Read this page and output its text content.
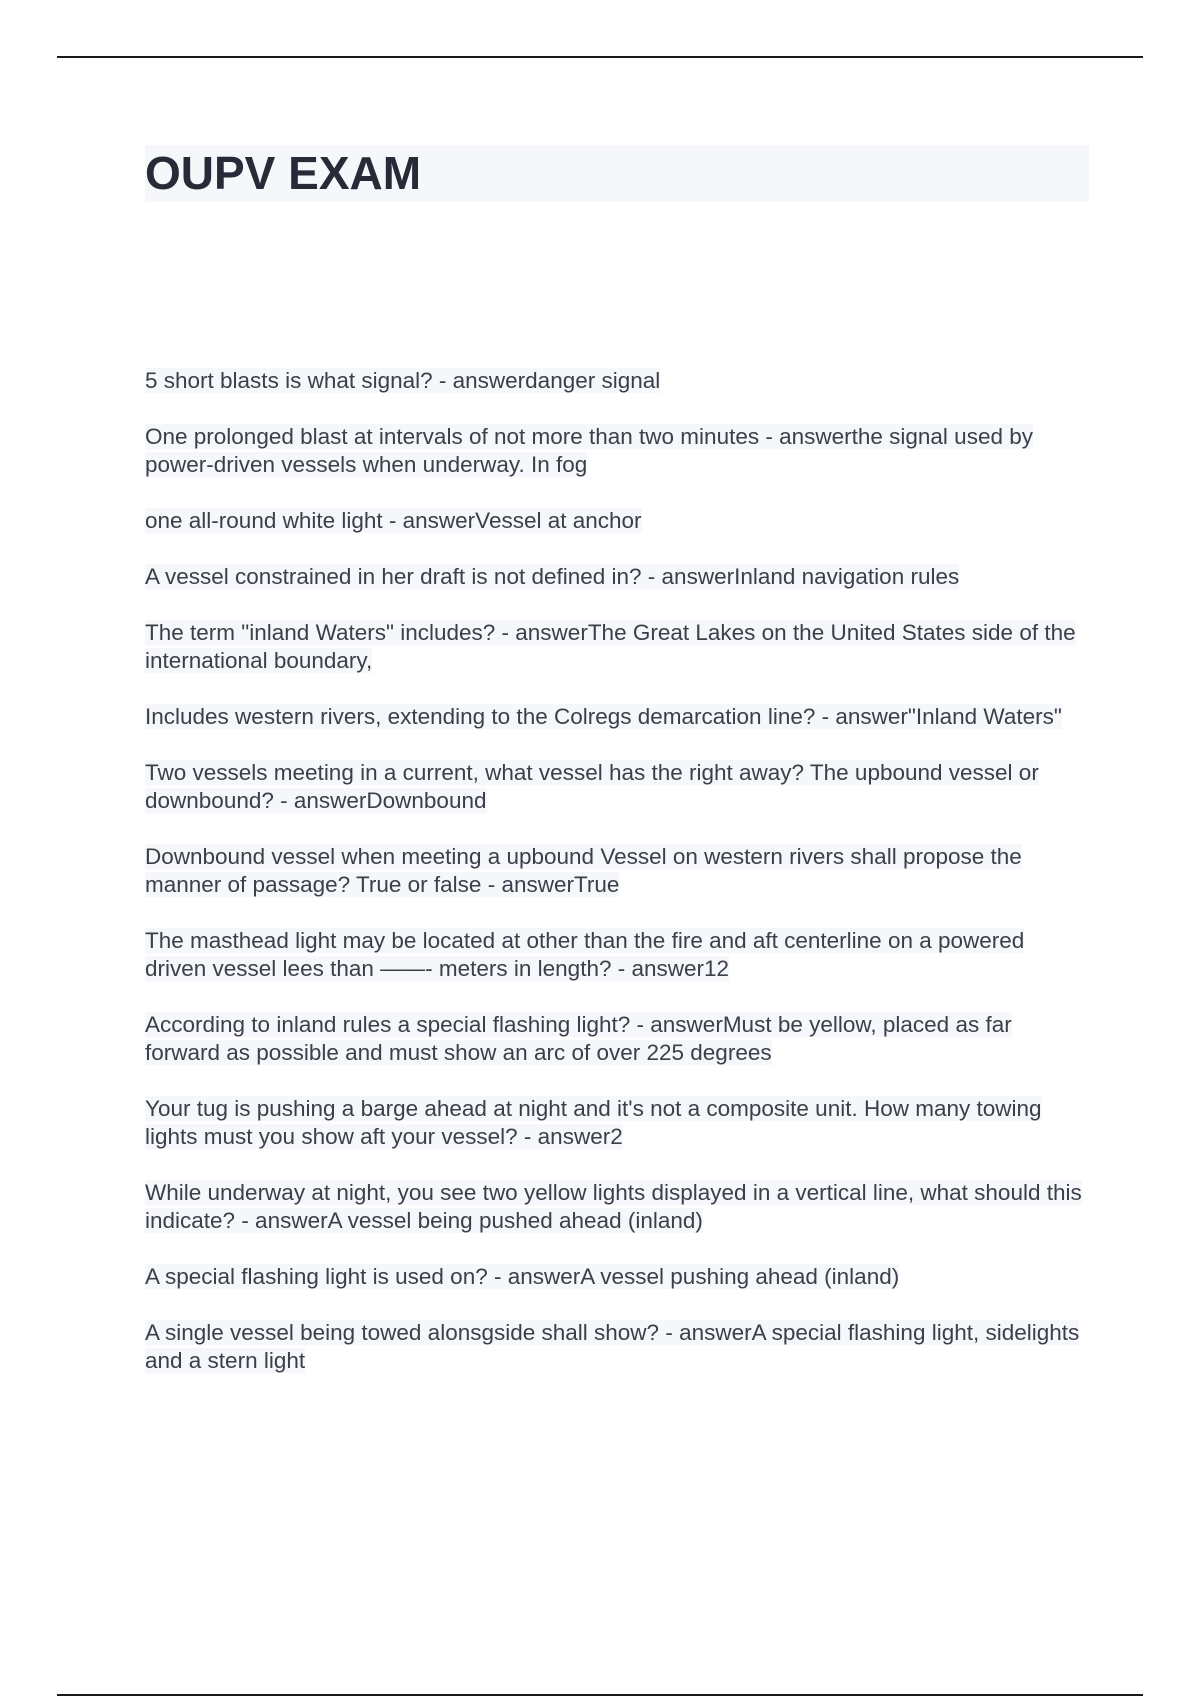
OUPV EXAM
5 short blasts is what signal? - answerdanger signal
One prolonged blast at intervals of not more than two minutes - answerthe signal used by power-driven vessels when underway. In fog
one all-round white light - answerVessel at anchor
A vessel constrained in her draft is not defined in? - answerInland navigation rules
The term "inland Waters" includes? - answerThe Great Lakes on the United States side of the international boundary,
Includes western rivers, extending to the Colregs demarcation line? - answer"Inland Waters"
Two vessels meeting in a current, what vessel has the right away? The upbound vessel or downbound? - answerDownbound
Downbound vessel when meeting a upbound Vessel on western rivers shall propose the manner of passage? True or false - answerTrue
The masthead light may be located at other than the fire and aft centerline on a powered driven vessel lees than ——- meters in length? - answer12
According to inland rules a special flashing light? - answerMust be yellow, placed as far forward as possible and must show an arc of over 225 degrees
Your tug is pushing a barge ahead at night and it's not a composite unit. How many towing lights must you show aft your vessel? - answer2
While underway at night, you see two yellow lights displayed in a vertical line, what should this indicate? - answerA vessel being pushed ahead (inland)
A special flashing light is used on? - answerA vessel pushing ahead (inland)
A single vessel being towed alonsgside shall show? - answerA special flashing light, sidelights and a stern light
